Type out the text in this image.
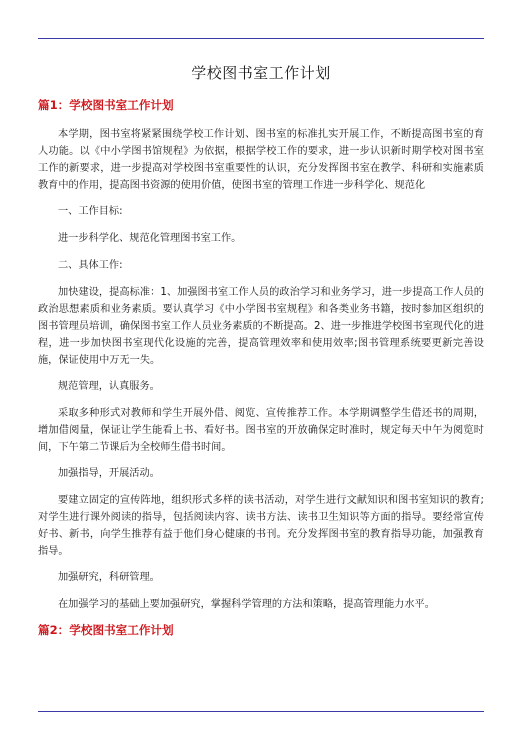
学校图书室工作计划
篇1：学校图书室工作计划

本学期，图书室将紧紧围绕学校工作计划、图书室的标准扎实开展工作，不断提高图书室的育人功能。以《中小学图书馆规程》为依据，根据学校工作的要求，进一步认识新时期学校对图书室工作的新要求，进一步提高对学校图书室重要性的认识，充分发挥图书室在教学、科研和实施素质教育中的作用，提高图书资源的使用价值，使图书室的管理工作进一步科学化、规范化

一、工作目标:

进一步科学化、规范化管理图书室工作。

二、具体工作:

加快建设，提高标准：1、加强图书室工作人员的政治学习和业务学习，进一步提高工作人员的政治思想素质和业务素质。要认真学习《中小学图书室规程》和各类业务书籍，按时参加区组织的图书管理员培训，确保图书室工作人员业务素质的不断提高。2、进一步推进学校图书室现代化的进程，进一步加快图书室现代化设施的完善，提高管理效率和使用效率;图书管理系统要更新完善设施，保证使用中万无一失。

规范管理，认真服务。

采取多种形式对教师和学生开展外借、阅览、宣传推荐工作。本学期调整学生借还书的周期，增加借阅量，保证让学生能看上书、看好书。图书室的开放确保定时准时，规定每天中午为阅览时间，下午第二节课后为全校师生借书时间。

加强指导，开展活动。

要建立固定的宣传阵地，组织形式多样的读书活动，对学生进行文献知识和图书室知识的教育;对学生进行课外阅读的指导，包括阅读内容、读书方法、读书卫生知识等方面的指导。要经常宣传好书、新书，向学生推荐有益于他们身心健康的书刊。充分发挥图书室的教育指导功能，加强教育指导。

加强研究，科研管理。

在加强学习的基础上要加强研究，掌握科学管理的方法和策略，提高管理能力水平。

篇2：学校图书室工作计划
